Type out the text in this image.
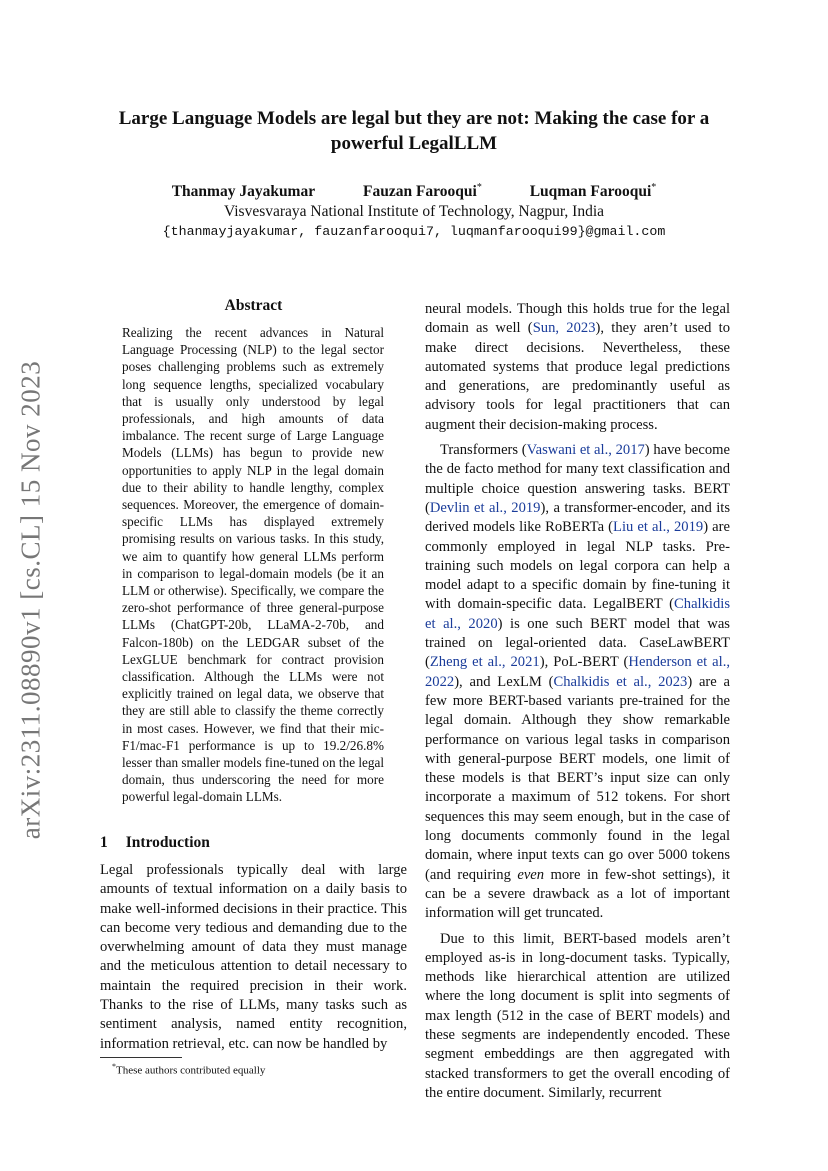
Large Language Models are legal but they are not: Making the case for a powerful LegalLLM
Thanmay Jayakumar	Fauzan Farooqui*	Luqman Farooqui*
Visvesvaraya National Institute of Technology, Nagpur, India
{thanmayjayakumar, fauzanfarooqui7, luqmanfarooqui99}@gmail.com
arXiv:2311.08890v1 [cs.CL] 15 Nov 2023
Abstract
Realizing the recent advances in Natural Language Processing (NLP) to the legal sector poses challenging problems such as extremely long sequence lengths, specialized vocabulary that is usually only understood by legal professionals, and high amounts of data imbalance. The recent surge of Large Language Models (LLMs) has begun to provide new opportunities to apply NLP in the legal domain due to their ability to handle lengthy, complex sequences. Moreover, the emergence of domain-specific LLMs has displayed extremely promising results on various tasks. In this study, we aim to quantify how general LLMs perform in comparison to legal-domain models (be it an LLM or otherwise). Specifically, we compare the zero-shot performance of three general-purpose LLMs (ChatGPT-20b, LLaMA-2-70b, and Falcon-180b) on the LEDGAR subset of the LexGLUE benchmark for contract provision classification. Although the LLMs were not explicitly trained on legal data, we observe that they are still able to classify the theme correctly in most cases. However, we find that their mic-F1/mac-F1 performance is up to 19.2/26.8% lesser than smaller models fine-tuned on the legal domain, thus underscoring the need for more powerful legal-domain LLMs.
1 Introduction
Legal professionals typically deal with large amounts of textual information on a daily basis to make well-informed decisions in their practice. This can become very tedious and demanding due to the overwhelming amount of data they must manage and the meticulous attention to detail necessary to maintain the required precision in their work. Thanks to the rise of LLMs, many tasks such as sentiment analysis, named entity recognition, information retrieval, etc. can now be handled by
*These authors contributed equally

neural models. Though this holds true for the legal domain as well (Sun, 2023), they aren’t used to make direct decisions. Nevertheless, these automated systems that produce legal predictions and generations, are predominantly useful as advisory tools for legal practitioners that can augment their decision-making process.

Transformers (Vaswani et al., 2017) have become the de facto method for many text classification and multiple choice question answering tasks. BERT (Devlin et al., 2019), a transformer-encoder, and its derived models like RoBERTa (Liu et al., 2019) are commonly employed in legal NLP tasks. Pre-training such models on legal corpora can help a model adapt to a specific domain by fine-tuning it with domain-specific data. LegalBERT (Chalkidis et al., 2020) is one such BERT model that was trained on legal-oriented data. CaseLawBERT (Zheng et al., 2021), PoL-BERT (Henderson et al., 2022), and LexLM (Chalkidis et al., 2023) are a few more BERT-based variants pre-trained for the legal domain. Although they show remarkable performance on various legal tasks in comparison with general-purpose BERT models, one limit of these models is that BERT’s input size can only incorporate a maximum of 512 tokens. For short sequences this may seem enough, but in the case of long documents commonly found in the legal domain, where input texts can go over 5000 tokens (and requiring even more in few-shot settings), it can be a severe drawback as a lot of important information will get truncated.

Due to this limit, BERT-based models aren’t employed as-is in long-document tasks. Typically, methods like hierarchical attention are utilized where the long document is split into segments of max length (512 in the case of BERT models) and these segments are independently encoded. These segment embeddings are then aggregated with stacked transformers to get the overall encoding of the entire document. Similarly, recurrent
